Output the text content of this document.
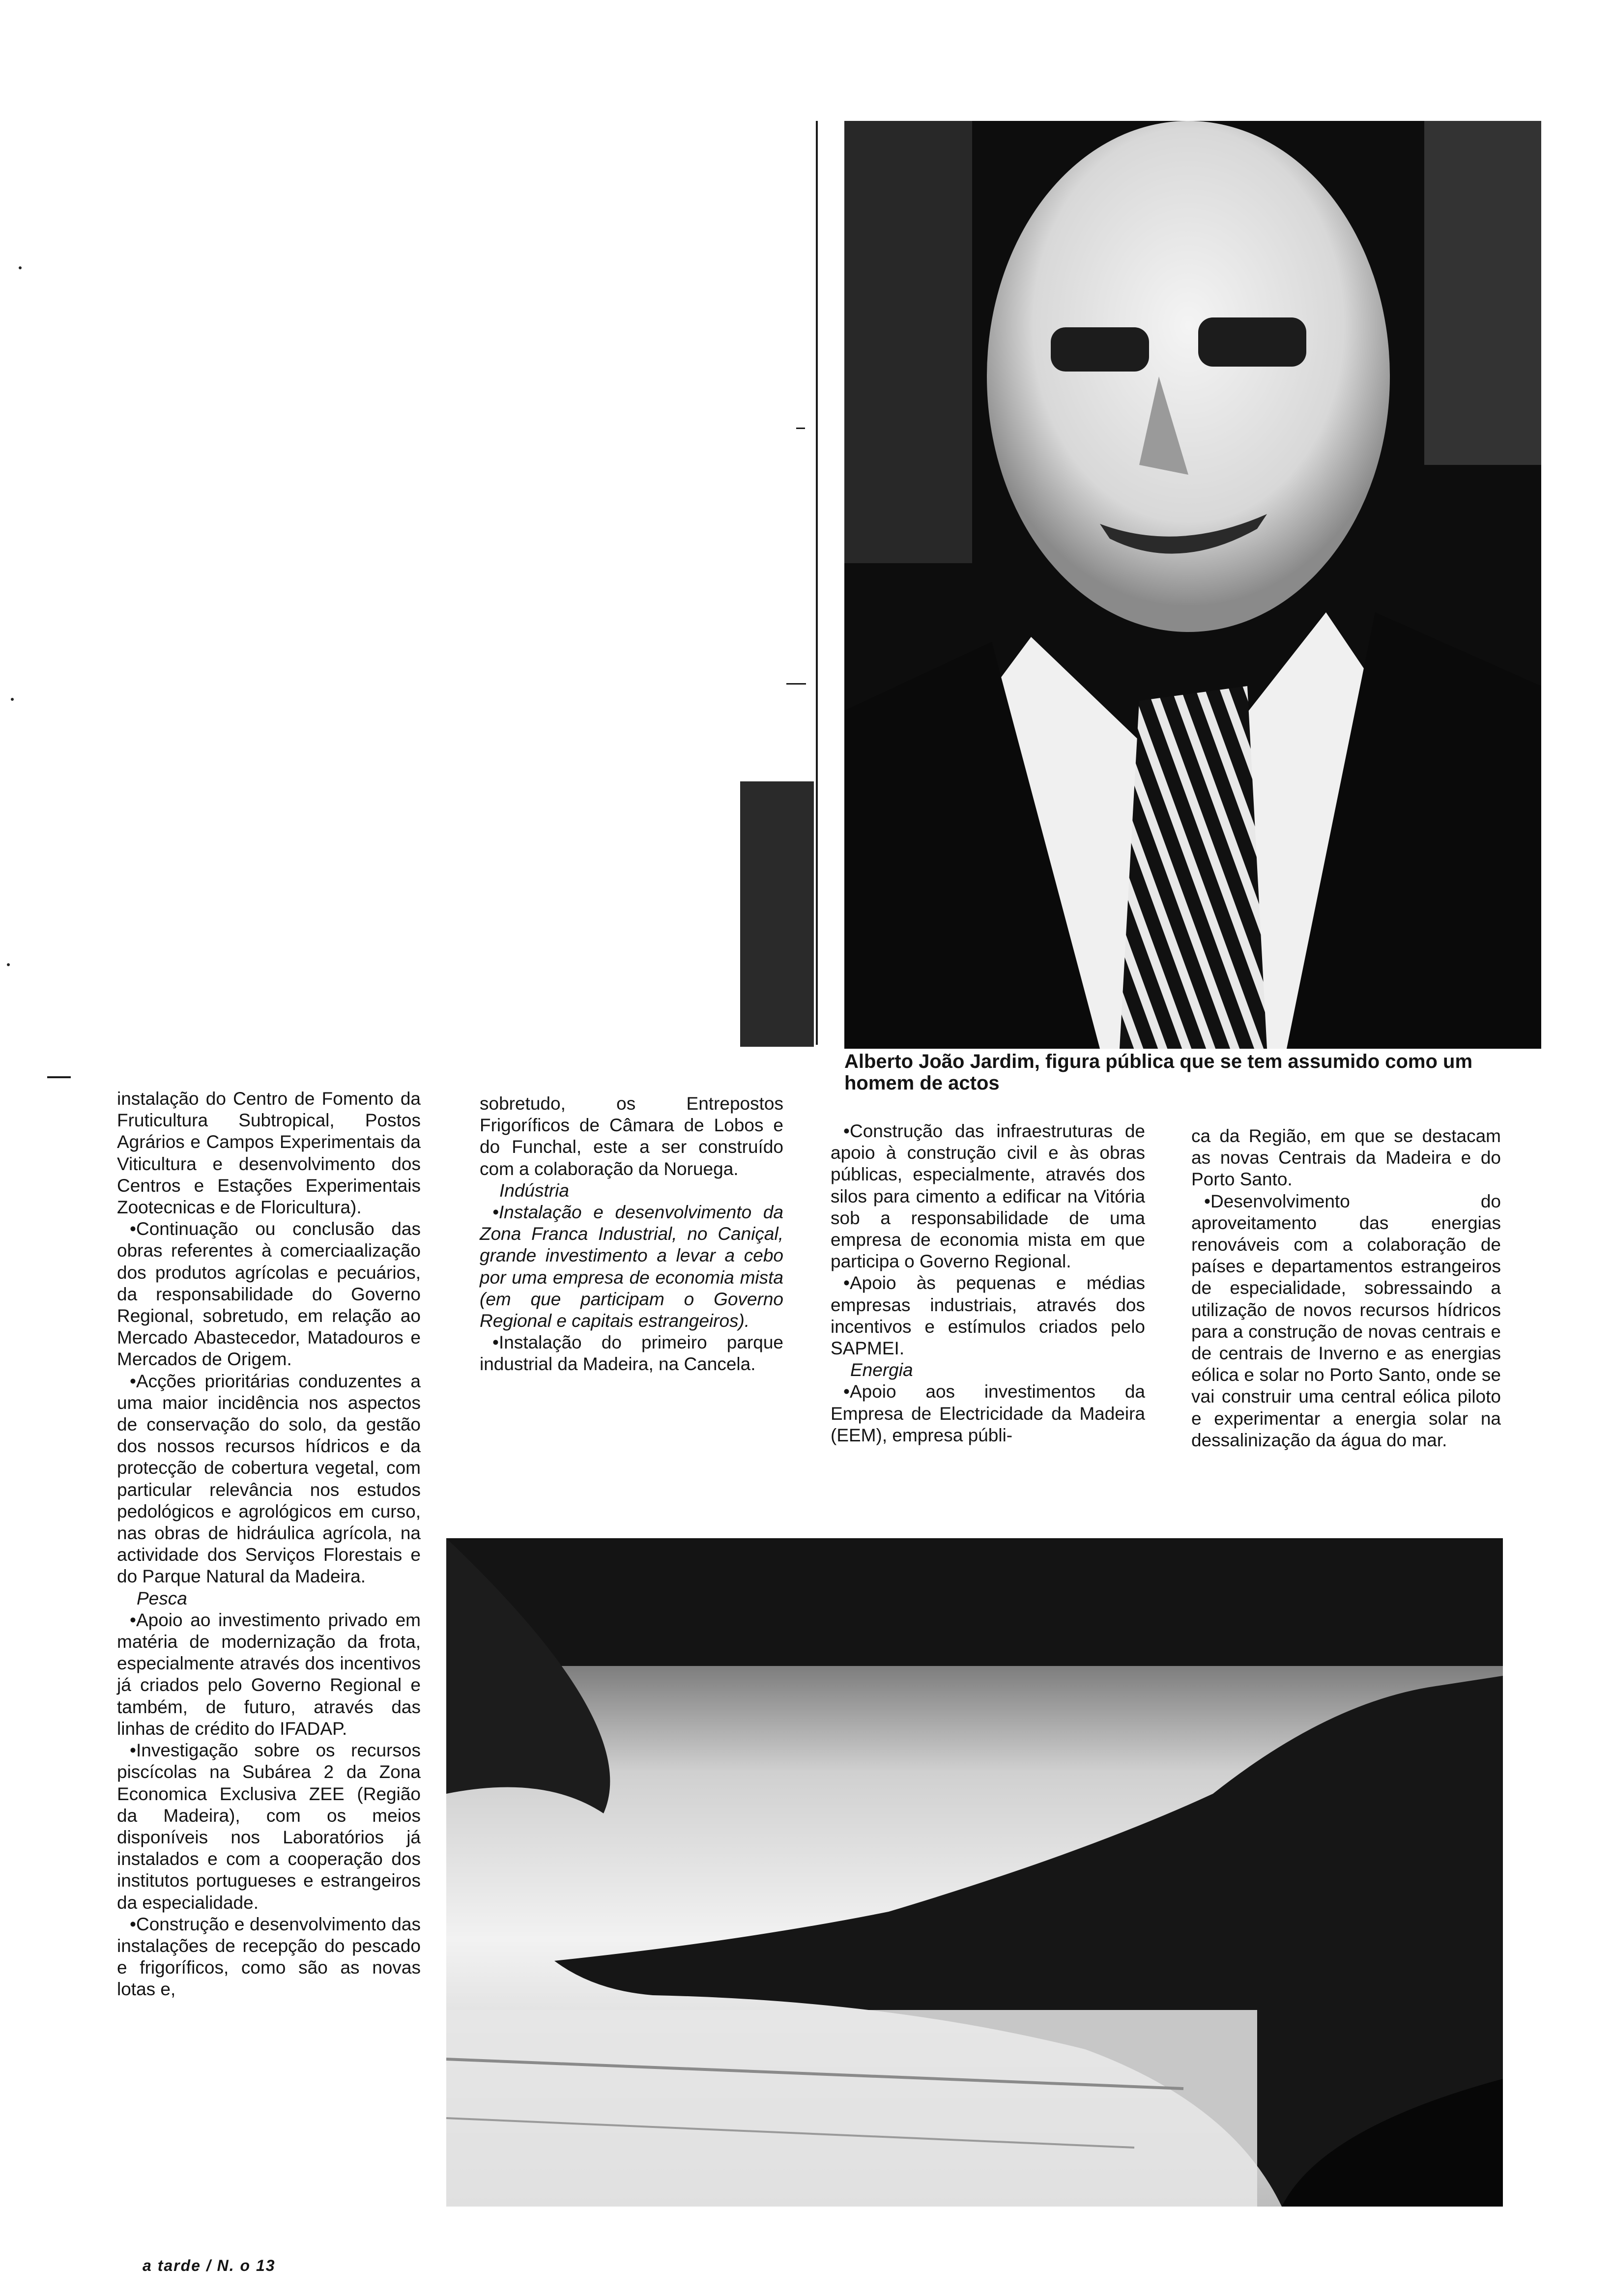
Alberto João Jardim, figura pública que se tem assumido como um homem de actos

instalação do Centro de Fomento da Fruticultura Subtropical, Postos Agrários e Campos Experimentais da Viticultura e desenvolvimento dos Centros e Estações Experimentais Zootecnicas e de Floricultura).

• Continuação ou conclusão das obras referentes à comerciaalização dos produtos agrícolas e pecuários, da responsabilidade do Governo Regional, sobretudo, em relação ao Mercado Abastecedor, Matadouros e Mercados de Origem.

• Acções prioritárias conduzentes a uma maior incidência nos aspectos de conservação do solo, da gestão dos nossos recursos hídricos e da protecção de cobertura vegetal, com particular relevância nos estudos pedológicos e agrológicos em curso, nas obras de hidráulica agrícola, na actividade dos Serviços Florestais e do Parque Natural da Madeira.

Pesca

• Apoio ao investimento privado em matéria de modernização da frota, especialmente através dos incentivos já criados pelo Governo Regional e também, de futuro, através das linhas de crédito do IFADAP.

• Investigação sobre os recursos piscícolas na Subárea 2 da Zona Economica Exclusiva ZEE (Região da Madeira), com os meios disponíveis nos Laboratórios já instalados e com a cooperação dos institutos portugueses e estrangeiros da especialidade.

• Construção e desenvolvimento das instalações de recepção do pescado e frigoríficos, como são as novas lotas e,

sobretudo, os Entrepostos Frigoríficos de Câmara de Lobos e do Funchal, este a ser construído com a colaboração da Noruega.

Indústria

• Instalação e desenvolvimento da Zona Franca Industrial, no Caniçal, grande investimento a levar a cebo por uma empresa de economia mista (em que participam o Governo Regional e capitais estrangeiros).

• Instalação do primeiro parque industrial da Madeira, na Cancela.

• Construção das infraestruturas de apoio à construção civil e às obras públicas, especialmente, através dos silos para cimento a edificar na Vitória sob a responsabilidade de uma empresa de economia mista em que participa o Governo Regional.

• Apoio às pequenas e médias empresas industriais, através dos incentivos e estímulos criados pelo SAPMEI.

Energia

• Apoio aos investimentos da Empresa de Electricidade da Madeira (EEM), empresa públi-

ca da Região, em que se destacam as novas Centrais da Madeira e do Porto Santo.

• Desenvolvimento do aproveitamento das energias renováveis com a colaboração de países e departamentos estrangeiros de especialidade, sobressaindo a utilização de novos recursos hídricos para a construção de novas centrais e de centrais de Inverno e as energias eólica e solar no Porto Santo, onde se vai construir uma central eólica piloto e experimentar a energia solar na dessalinização da água do mar.

a tarde / N. o 13
